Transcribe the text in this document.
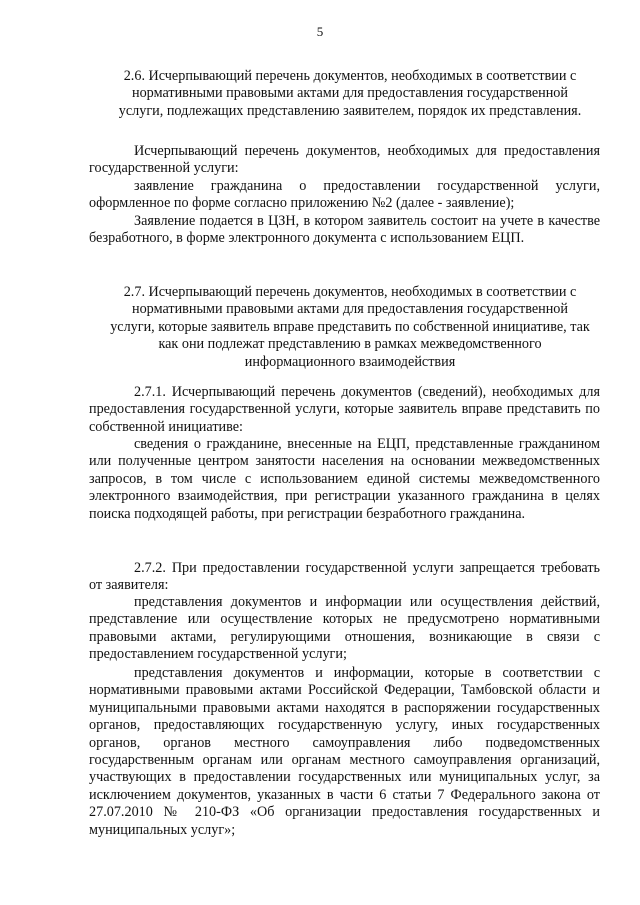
5
2.6. Исчерпывающий перечень документов, необходимых в соответствии с нормативными правовыми актами для предоставления государственной услуги, подлежащих представлению заявителем, порядок их представления.

Исчерпывающий перечень документов, необходимых для предоставления государственной услуги:

заявление гражданина о предоставлении государственной услуги, оформленное по форме согласно приложению №2 (далее - заявление);

Заявление подается в ЦЗН, в котором заявитель состоит на учете в качестве безработного, в форме электронного документа с использованием ЕЦП.

2.7. Исчерпывающий перечень документов, необходимых в соответствии с нормативными правовыми актами для предоставления государственной услуги, которые заявитель вправе представить по собственной инициативе, так как они подлежат представлению в рамках межведомственного информационного взаимодействия

2.7.1. Исчерпывающий перечень документов (сведений), необходимых для предоставления государственной услуги, которые заявитель вправе представить по собственной инициативе:

сведения о гражданине, внесенные на ЕЦП, представленные гражданином или полученные центром занятости населения на основании межведомственных запросов, в том числе с использованием единой системы межведомственного электронного взаимодействия, при регистрации указанного гражданина в целях поиска подходящей работы, при регистрации безработного гражданина.

2.7.2. При предоставлении государственной услуги запрещается требовать от заявителя:

представления документов и информации или осуществления действий, представление или осуществление которых не предусмотрено нормативными правовыми актами, регулирующими отношения, возникающие в связи с предоставлением государственной услуги;

представления документов и информации, которые в соответствии с нормативными правовыми актами Российской Федерации, Тамбовской области и муниципальными правовыми актами находятся в распоряжении государственных органов, предоставляющих государственную услугу, иных государственных органов, органов местного самоуправления либо подведомственных государственным органам или органам местного самоуправления организаций, участвующих в предоставлении государственных или муниципальных услуг, за исключением документов, указанных в части 6 статьи 7 Федерального закона от 27.07.2010 № 210-ФЗ «Об организации предоставления государственных и муниципальных услуг»;
